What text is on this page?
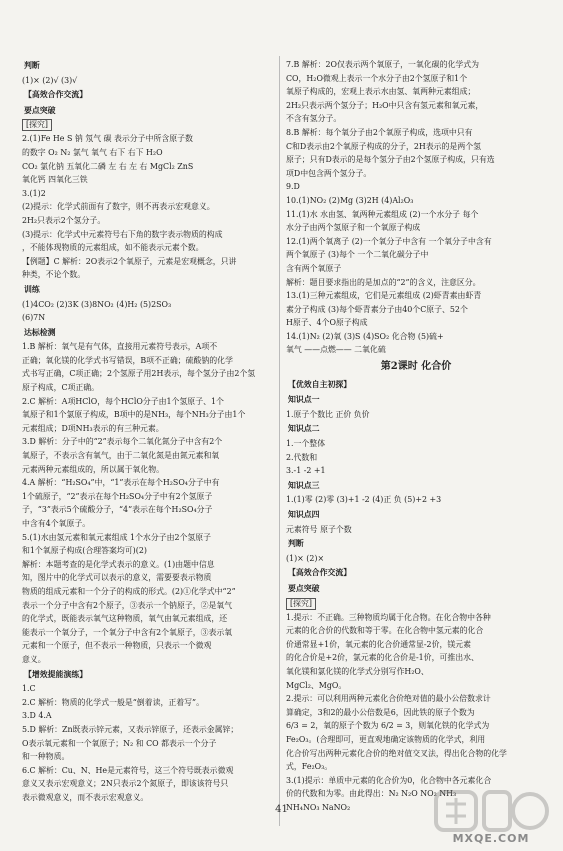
判断
(1)× (2)√ (3)√
【高效合作交流】
要点突破
[探究]
2.(1)Fe He S 钠 氖气 碳 表示分子中所含原子数
的数字 O₂ N₂ 氯气 氧气 右下 右下 H₂O
CO₂ 氯化钠 五氧化二磷 左 右 左 右 MgCl₂ ZnS
氧化钙 四氧化三铁
3.(1)2
(2)提示：化学式前面有了数字，则不再表示宏观意义。
2H₂只表示2个氢分子。
(3)提示：化学式中元素符号右下角的数字表示物质的构成
，不能体现物质的元素组成，如不能表示元素个数。
【例题】C 解析：2O表示2个氧原子，元素是宏观概念，只讲
种类，不论个数。
训练
(1)4CO₂ (2)3K (3)8NO₂ (4)H₂ (5)2SO₃
(6)7N
达标检测
1.B 解析：氧气是有气体，直接用元素符号表示，A项不
正确；氧化镁的化学式书写错误，B项不正确；硫酸钠的化学
式书写正确，C项正确；2个氢原子用2H表示，每个氢分子由2个氢
原子构成，C项正确。
2.C 解析：A项HClO，每个HClO分子由1个氢原子、1个
氧原子和1个氯原子构成，B项中的是NH₃，每个NH₃分子由1个
元素组成；D项NH₃表示的有三种元素。
3.D 解析：分子中的“2”表示每个二氧化氮分子中含有2个
氧原子，不表示含有氧气，由于二氧化氮是由氮元素和氧
元素两种元素组成的，所以属于氧化物。
4.A 解析：“H₂SO₄”中，“1”表示在每个H₂SO₄分子中有
1个硫原子，“2”表示在每个H₂SO₄分子中有2个氢原子
子，“3”表示5个硫酸分子，“4”表示在每个H₂SO₄分子
中含有4个氧原子。
5.(1)水由氢元素和氧元素组成 1个水分子由2个氢原子
和1个氧原子构成(合理答案均可)(2)
解析：本题考查的是化学式表示的意义。(1)由题中信息
知，图片中的化学式可以表示的意义，需要要表示物质
物质的组成元素和一个分子的构成的形式。(2)①化学式中“2”
表示一个分子中含有2个原子，③表示一个钠原子，②是氧气
的化学式，既能表示氧气这种物质，氧气由氧元素组成，还
能表示一个氧分子，一个氧分子中含有2个氧原子，③表示氧
元素和一个原子，但不表示一种物质，只表示一个微观
意义。
【增效提能演练】
1.C
2.C 解析：物质的化学式一般是“倒着读，正着写”。
3.D 4.A
5.D 解析：Zn既表示锌元素，又表示锌原子，还表示金属锌；
O表示氧元素和一个氧原子；N₂ 和 CO 都表示一个分子
和一种物质。
6.C 解析：Cu、N、He是元素符号，这三个符号既表示微观
意义又表示宏观意义；2N只表示2个氮原子，即该该符号只
表示微观意义，而不表示宏观意义。
7.B 解析：2O仅表示两个氧原子，一氧化碳的化学式为
CO，H₂O微观上表示一个水分子由2个氢原子和1个
氧原子构成的，宏观上表示水由氢、氧两种元素组成；
2H₂只表示两个氢分子；H₂O中只含有氢元素和氧元素，
不含有氢分子。
8.B 解析：每个氧分子由2个氧原子构成，选项中只有
C和D表示由2个氧原子构成的分子，2H表示的是两个氢
原子；只有D表示的是每个氢分子由2个氢原子构成，只有选
项D中包含两个氢分子。
9.D
10.(1)NO₂ (2)Mg (3)2H (4)Al₂O₃
11.(1)水 水由氢、氧两种元素组成 (2)一个水分子 每个
水分子由两个氢原子和一个氧原子构成
12.(1)两个氧离子 (2)一个氧分子中含有 一个氧分子中含有
两个氧原子 (3)每个 一个二氧化碳分子中
含有两个氧原子
解析：题目要求指出的是加点的“2”的含义，注意区分。
13.(1)三种元素组成，它们是元素组成 (2)虾青素由虾青
素分子构成 (3)每个虾青素分子由40个C原子、52个
H原子、4个O原子构成
14.(1)N₂ (2)氧 (3)S (4)SO₂ 化合物 (5)硫+
氧气 ——点燃—— 二氧化硫
第2课时 化合价
【优效自主初探】
知识点一
1.原子个数比 正价 负价
知识点二
1.一个整体
2.代数和
3.-1 -2 +1
知识点三
1.(1)零 (2)零 (3)+1 -2 (4)正 负 (5)+2 +3
知识点四
元素符号 原子个数
判断
(1)× (2)×
【高效合作交流】
要点突破
[探究]
1.提示：不正确。三种物质均属于化合物。在化合物中各种
元素的化合价的代数和等于零。在化合物中氢元素的化合
价通常显+1价，氧元素的化合价通常显-2价，镁元素
的化合价是+2价，氯元素的化合价是-1价，可推出水、
氧化镁和氯化镁的化学式分别写作H₂O、
MgCl₂、MgO。
2.提示：可以利用两种元素化合价绝对值的最小公倍数求计
算确定，3和2的最小公倍数是6，因此铁的原子个数为
6/3 = 2，氧的原子个数为 6/2 = 3，则氧化铁的化学式为
Fe₂O₃。(合理即可，更直观地确定该物质的化学式，利用
化合价写出两种元素化合价的绝对值交叉法，得出化合物的化学
式，Fe₂O₃。
3.(1)提示：单质中元素的化合价为0，化合物中各元素化合
价的代数和为零。由此得出：N₂ N₂O NO₂ NH₃
NH₄NO₃ NaNO₂
41
MXQE.COM
